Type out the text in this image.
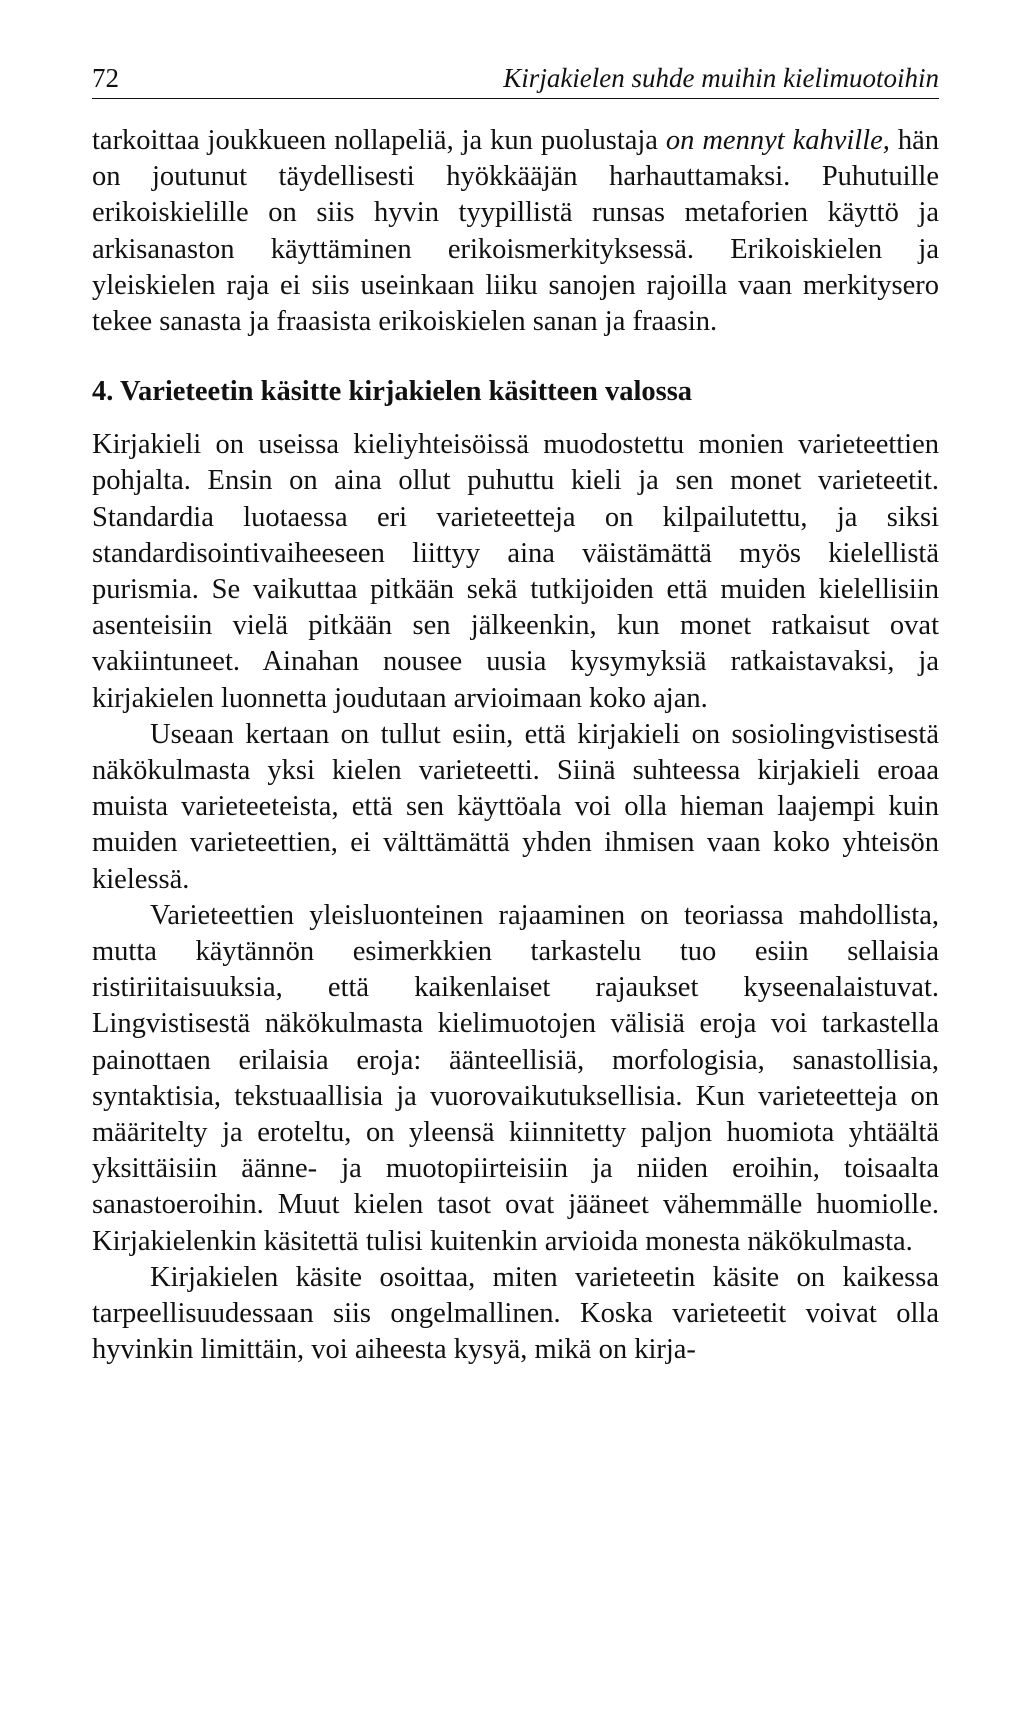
72	Kirjakielen suhde muihin kielimuotoihin

tarkoittaa joukkueen nollapeliä, ja kun puolustaja on mennyt kahville, hän on joutunut täydellisesti hyökkääjän harhauttamaksi. Puhutuille erikoiskielille on siis hyvin tyypillistä runsas metaforien käyttö ja arkisanaston käyttäminen erikoismerkityksessä. Erikoiskielen ja yleiskielen raja ei siis useinkaan liiku sanojen rajoilla vaan merkitysero tekee sanasta ja fraasista erikoiskielen sanan ja fraasin.

4. Varieteetin käsitte kirjakielen käsitteen valossa

Kirjakieli on useissa kieliyhteisöissä muodostettu monien varieteettien pohjalta. Ensin on aina ollut puhuttu kieli ja sen monet varieteetit. Standardia luotaessa eri varieteetteja on kilpailutettu, ja siksi standardisointivaiheeseen liittyy aina väistämättä myös kielellistä purismia. Se vaikuttaa pitkään sekä tutkijoiden että muiden kielellisiin asenteisiin vielä pitkään sen jälkeenkin, kun monet ratkaisut ovat vakiintuneet. Ainahan nousee uusia kysymyksiä ratkaistavaksi, ja kirjakielen luonnetta joudutaan arvioimaan koko ajan.

Useaan kertaan on tullut esiin, että kirjakieli on sosiolingvistisestä näkökulmasta yksi kielen varieteetti. Siinä suhteessa kirjakieli eroaa muista varieteeteista, että sen käyttöala voi olla hieman laajempi kuin muiden varieteettien, ei välttämättä yhden ihmisen vaan koko yhteisön kielessä.

Varieteettien yleisluonteinen rajaaminen on teoriassa mahdollista, mutta käytännön esimerkkien tarkastelu tuo esiin sellaisia ristiriitaisuuksia, että kaikenlaiset rajaukset kyseenalaistuvat. Lingvistisestä näkökulmasta kielimuotojen välisiä eroja voi tarkastella painottaen erilaisia eroja: äänteellisiä, morfologisia, sanastollisia, syntaktisia, tekstuaallisia ja vuorovaikutuksellisia. Kun varieteetteja on määritelty ja eroteltu, on yleensä kiinnitetty paljon huomiota yhtäältä yksittäisiin äänne- ja muotopiirteisiin ja niiden eroihin, toisaalta sanastoeroihin. Muut kielen tasot ovat jääneet vähemmälle huomiolle. Kirjakielenkin käsitettä tulisi kuitenkin arvioida monesta näkökulmasta.

Kirjakielen käsite osoittaa, miten varieteetin käsite on kaikessa tarpeellisuudessaan siis ongelmallinen. Koska varieteetit voivat olla hyvinkin limittäin, voi aiheesta kysyä, mikä on kirja-
